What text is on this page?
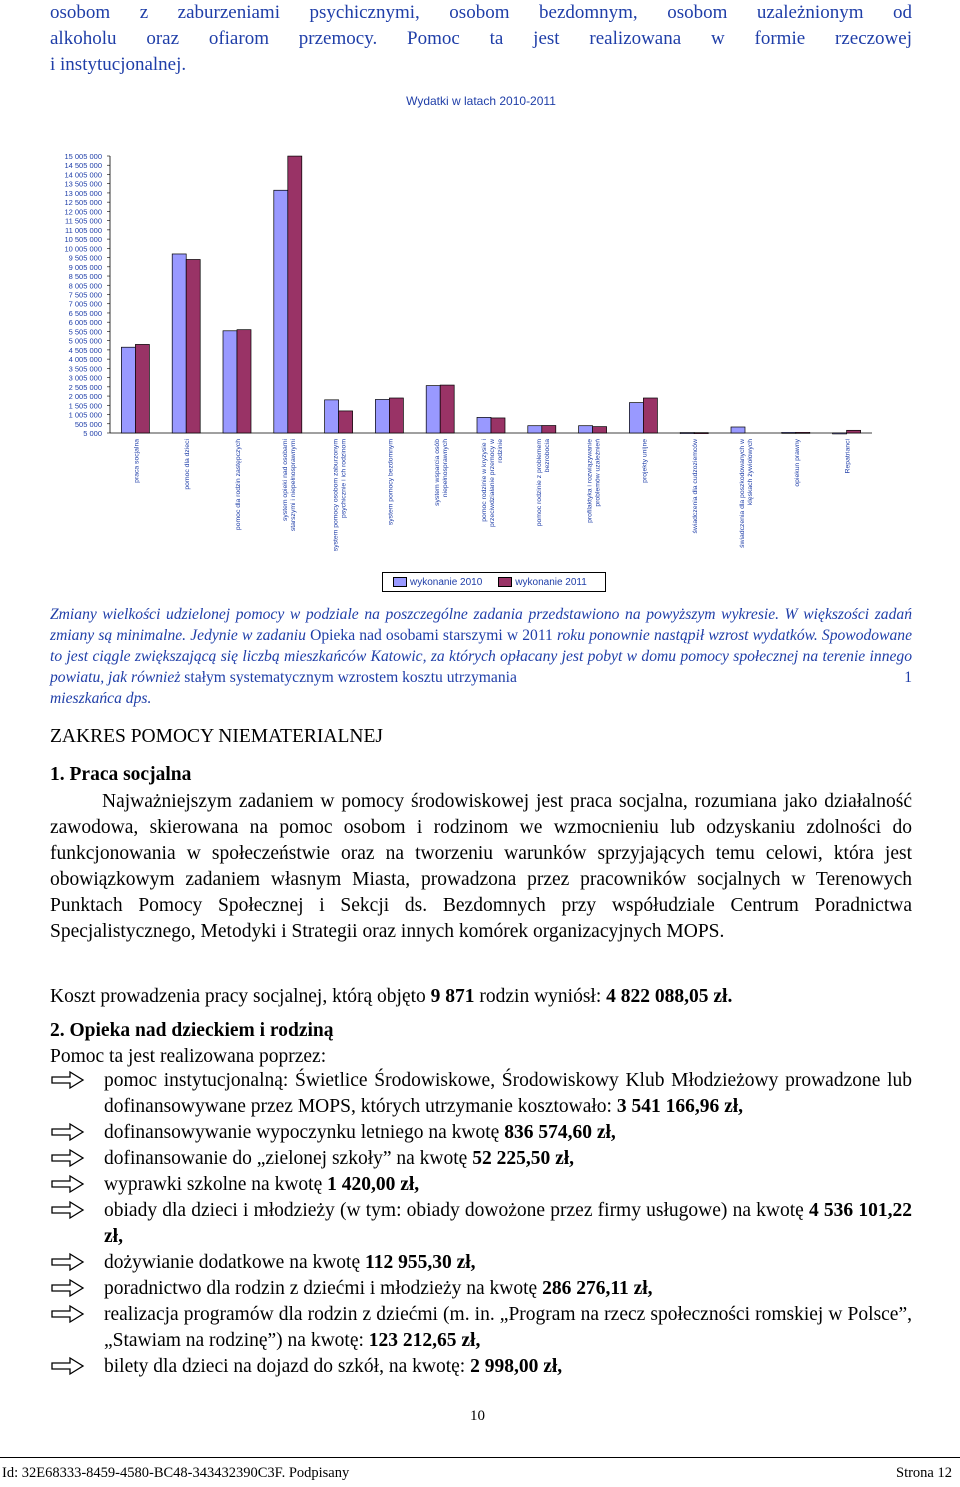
osobom z zaburzeniami psychicznymi, osobom bezdomnym, osobom uzależnionym od
alkoholu oraz ofiarom przemocy. Pomoc ta jest realizowana w formie rzeczowej
i instytucjonalnej.
Wydatki w latach 2010-2011
15 005 000
14 505 000
14 005 000
13 505 000
13 005 000
12 505 000
12 005 000
11 505 000
11 005 000
10 505 000
10 005 000
9 505 000
9 005 000
8 505 000
8 005 000
7 505 000
7 005 000
6 505 000
6 005 000
5 505 000
5 005 000
4 505 000
4 005 000
3 505 000
3 005 000
2 505 000
2 005 000
1 505 000
1 005 000
505 000
5 000
praca socjalna	pomoc dla dzieci	pomoc dla rodzin zastępczych	system opieki nad osobamistarszymi i niepełnosprawnymi	system pomocy osobom zaburzonympsychicznie i ich rodzinom	system pomocy bezdomnym	system wsparcia osóbniepełnosprawnych	pomoc rodzinie w kryzysie iprzeciwdziałanie przemocy wrodzinie	pomoc rodzinie z problemembezrobocia	profilaktyka i rozwiązywanieproblemów uzależnień	projekty unijne	świadczenia dla cudzoziemców	świadczenia dla poszkodowanych wklęskach żywiołowych	opiekun prawny	Repatrianci
wykonanie 2010	wykonanie 2011
Zmiany wielkości udzielonej pomocy w podziale na poszczególne zadania przedstawiono na powyższym wykresie. W większości zadań zmiany są minimalne. Jedynie w zadaniu Opieka nad osobami starszymi w 2011 roku ponownie nastąpił wzrost wydatków. Spowodowane to jest ciągle zwiększającą się liczbą mieszkańców Katowic, za których opłacany jest pobyt w domu pomocy społecznej na terenie innego powiatu, jak również stałym systematycznym wzrostem kosztu utrzymania
mieszkańca dps.
1
ZAKRES POMOCY NIEMATERIALNEJ
1. Praca socjalna
Najważniejszym zadaniem w pomocy środowiskowej jest praca socjalna, rozumiana jako działalność zawodowa, skierowana na pomoc osobom i rodzinom we wzmocnieniu lub odzyskaniu zdolności do funkcjonowania w społeczeństwie oraz na tworzeniu warunków sprzyjających temu celowi, która jest obowiązkowym zadaniem własnym Miasta, prowadzona przez pracowników socjalnych w Terenowych Punktach Pomocy Społecznej i Sekcji ds. Bezdomnych przy współudziale Centrum Poradnictwa Specjalistycznego, Metodyki i Strategii oraz innych komórek organizacyjnych MOPS.
Koszt prowadzenia pracy socjalnej, którą objęto 9 871 rodzin wyniósł: 4 822 088,05 zł.
2. Opieka nad dzieckiem i rodziną
Pomoc ta jest realizowana poprzez:
pomoc instytucjonalną: Świetlice Środowiskowe, Środowiskowy Klub Młodzieżowy prowadzone lub dofinansowywane przez MOPS, których utrzymanie kosztowało: 3 541 166,96 zł,
dofinansowywanie wypoczynku letniego na kwotę 836 574,60 zł,
dofinansowanie do „zielonej szkoły” na kwotę 52 225,50 zł,
wyprawki szkolne na kwotę 1 420,00 zł,
obiady dla dzieci i młodzieży (w tym: obiady dowożone przez firmy usługowe) na kwotę 4 536 101,22 zł,
dożywianie dodatkowe na kwotę 112 955,30 zł,
poradnictwo dla rodzin z dziećmi i młodzieży na kwotę 286 276,11 zł,
realizacja programów dla rodzin z dziećmi (m. in. „Program na rzecz społeczności romskiej w Polsce”, „Stawiam na rodzinę”) na kwotę: 123 212,65 zł,
bilety dla dzieci na dojazd do szkół, na kwotę: 2 998,00 zł,
10
Id: 32E68333-8459-4580-BC48-343432390C3F. Podpisany	Strona 12
